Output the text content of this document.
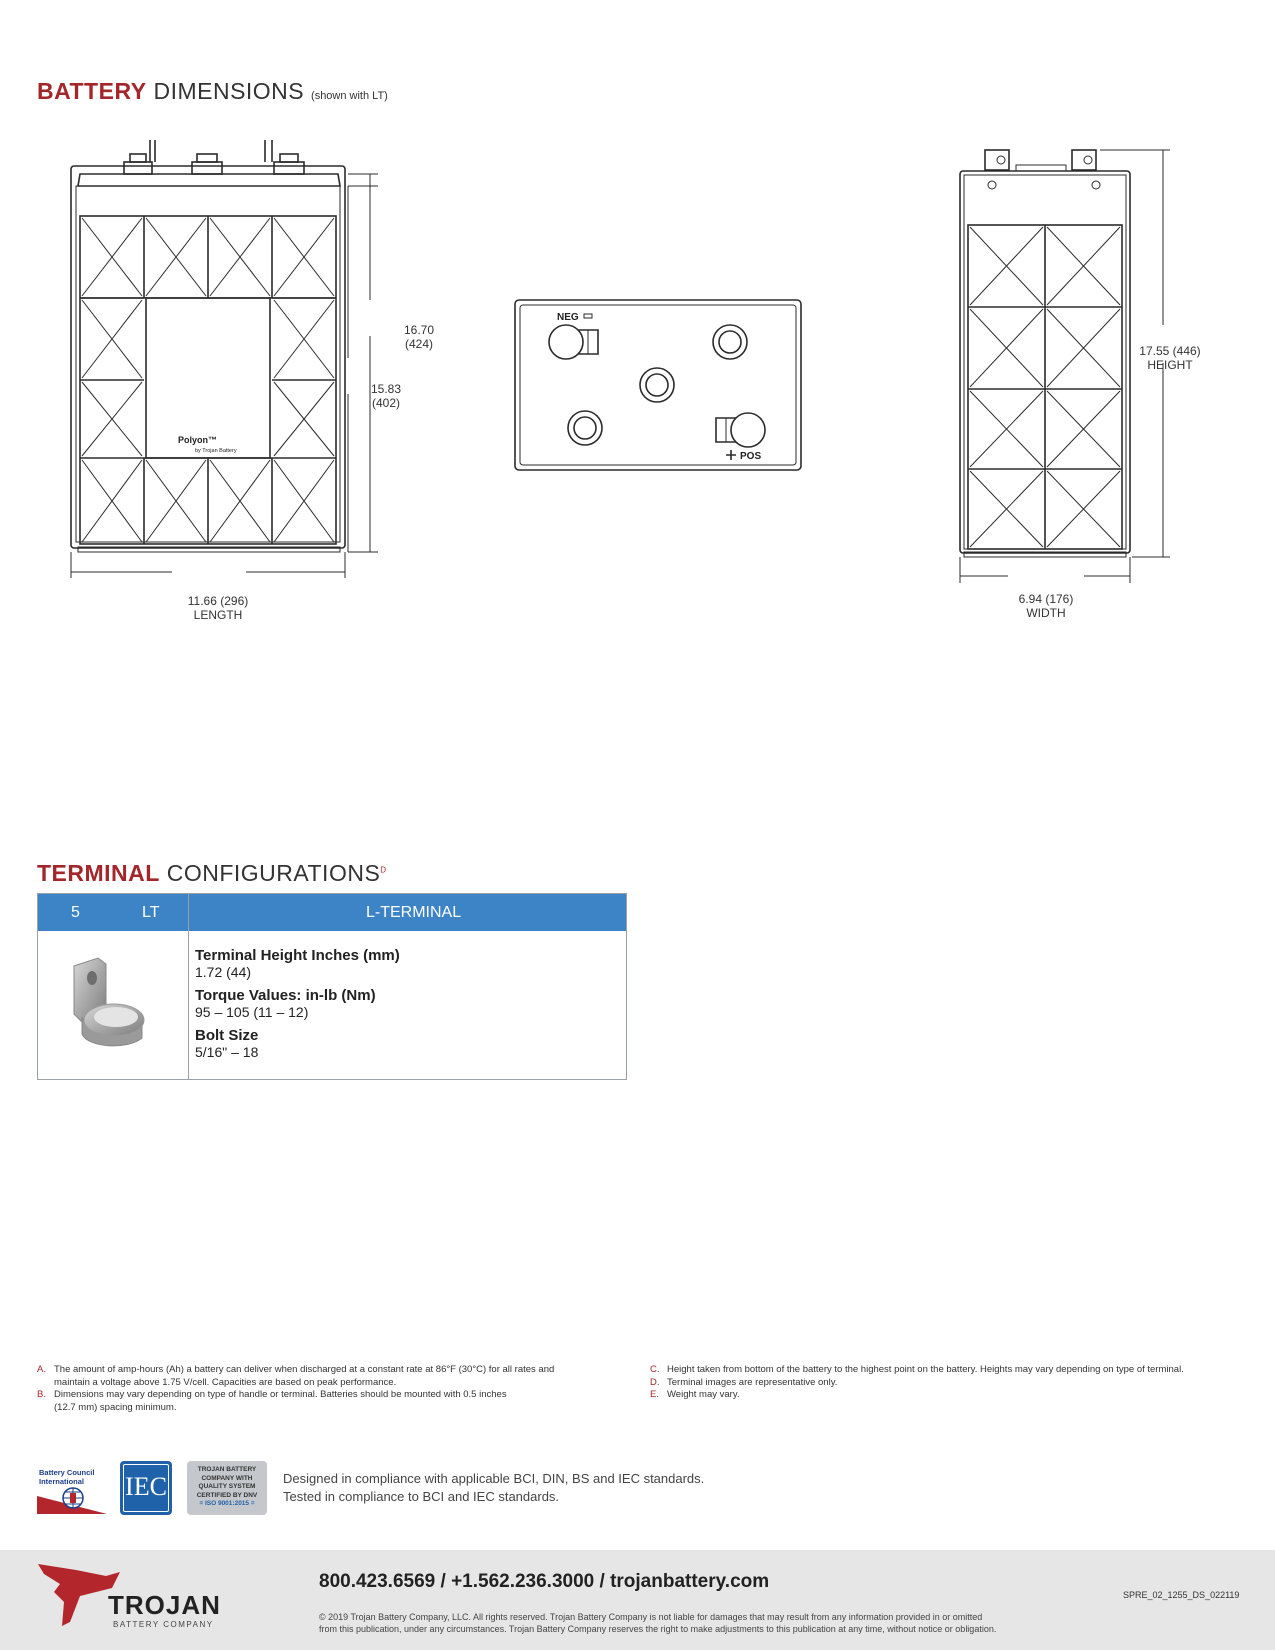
BATTERY DIMENSIONS (shown with LT)
Polyon™
by Trojan Battery
16.70
(424)
15.83
(402)
11.66 (296)
LENGTH
NEG
POS
17.55 (446)
HEIGHT
6.94 (176)
WIDTH
TERMINAL $CONFIGURATIONS^D$
5	LT	L-TERMINAL
Terminal Height Inches (mm)
1.72 (44)
Torque Values: in-lb (Nm)
95 – 105 (11 – 12)
Bolt Size
5/16" – 18
A. The amount of amp-hours (Ah) a battery can deliver when discharged at a constant rate at 86°F (30°C) for all rates and
maintain a voltage above 1.75 V/cell. Capacities are based on peak performance.
B. Dimensions may vary depending on type of handle or terminal. Batteries should be mounted with 0.5 inches
(12.7 mm) spacing minimum.
C. Height taken from bottom of the battery to the highest point on the battery. Heights may vary depending on type of terminal.
D. Terminal images are representative only.
E. Weight may vary.
Battery Council
International	IEC
TROJAN BATTERY
COMPANY WITH
QUALITY SYSTEM
CERTIFIED BY DNV
= ISO 9001:2015 =
Designed in compliance with applicable BCI, DIN, BS and IEC standards.
Tested in compliance to BCI and IEC standards.
TROJAN
BATTERY COMPANY
800.423.6569 / +1.562.236.3000 / trojanbattery.com
SPRE_02_1255_DS_022119
© 2019 Trojan Battery Company, LLC. All rights reserved. Trojan Battery Company is not liable for damages that may result from any information provided in or omitted
from this publication, under any circumstances. Trojan Battery Company reserves the right to make adjustments to this publication at any time, without notice or obligation.
